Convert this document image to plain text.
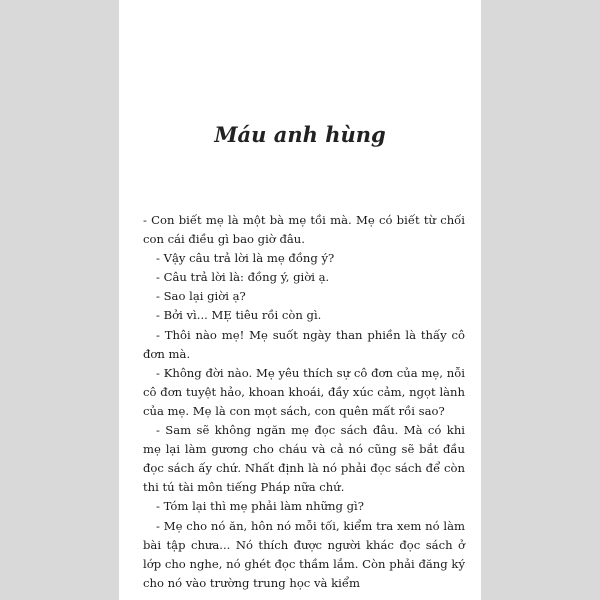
Máu anh hùng

- Con biết mẹ là một bà mẹ tồi mà. Mẹ có biết từ chối con cái điều gì bao giờ đâu.

- Vậy câu trả lời là mẹ đồng ý?

- Câu trả lời là: đồng ý, giời ạ.

- Sao lại giời ạ?

- Bởi vì... MẸ tiêu rồi còn gì.

- Thôi nào mẹ! Mẹ suốt ngày than phiền là thấy cô đơn mà.

- Không đời nào. Mẹ yêu thích sự cô đơn của mẹ, nỗi cô đơn tuyệt hảo, khoan khoái, đầy xúc cảm, ngọt lành của mẹ. Mẹ là con mọt sách, con quên mất rồi sao?

- Sam sẽ không ngăn mẹ đọc sách đâu. Mà có khi mẹ lại làm gương cho cháu và cả nó cũng sẽ bắt đầu đọc sách ấy chứ. Nhất định là nó phải đọc sách để còn thi tú tài môn tiếng Pháp nữa chứ.

- Tóm lại thì mẹ phải làm những gì?

- Mẹ cho nó ăn, hôn nó mỗi tối, kiểm tra xem nó làm bài tập chưa... Nó thích được người khác đọc sách ở lớp cho nghe, nó ghét đọc thầm lắm. Còn phải đăng ký cho nó vào trường trung học và kiểm
